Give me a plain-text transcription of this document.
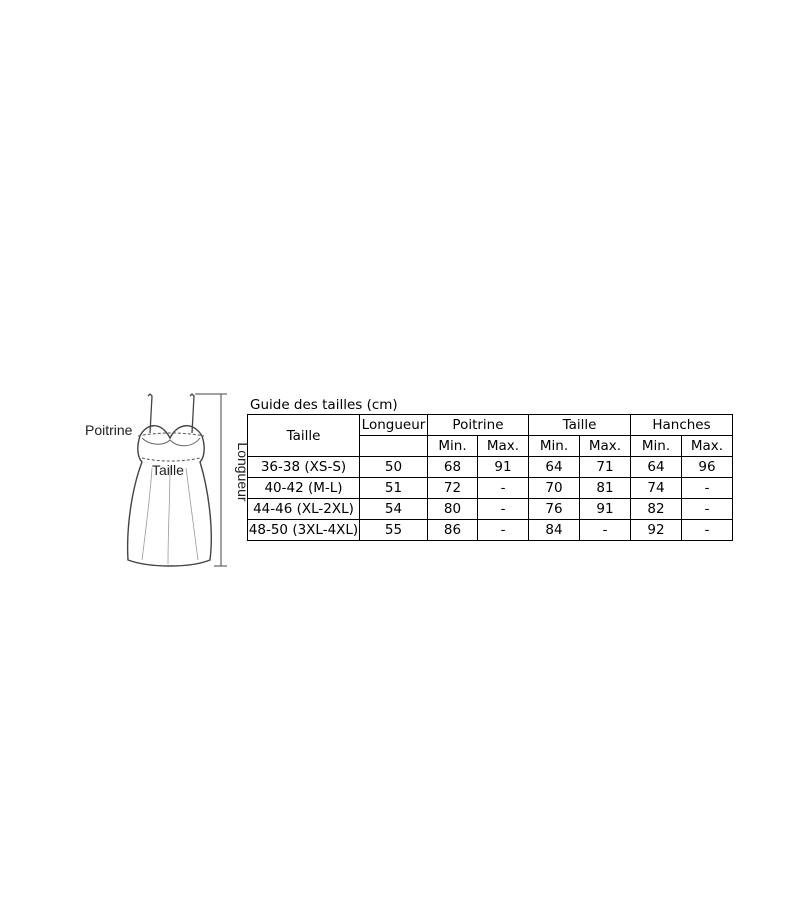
Poitrine
Taille	Longueur
Guide des tailles (cm)
Taille	Longueur	Poitrine		Taille		Hanches	
		Min.	Max.	Min.	Max.	Min.	Max.
36-38 (XS-S)	50	68	91	64	71	64	96
40-42 (M-L)	51	72	-	70	81	74	-
44-46 (XL-2XL)	54	80	-	76	91	82	-
48-50 (3XL-4XL)	55	86	-	84	-	92	-
